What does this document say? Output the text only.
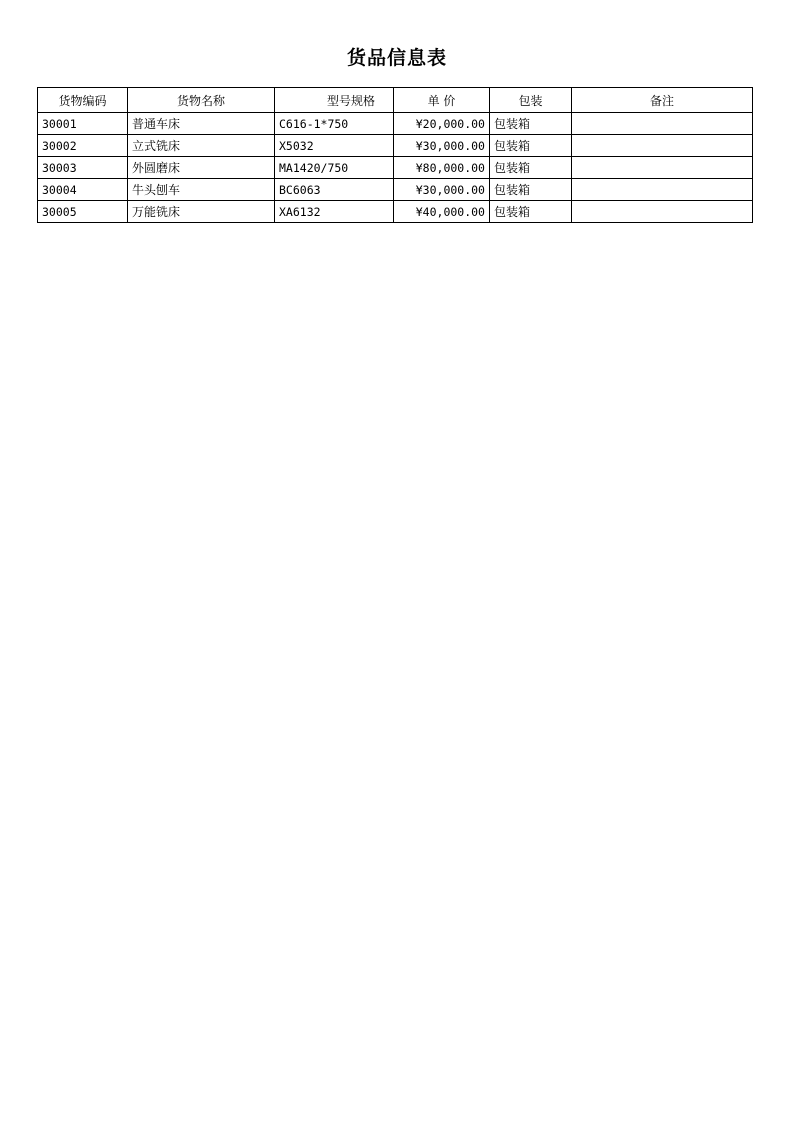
货品信息表
货物编码	货物名称	型号规格	单 价	包装	备注
30001	普通车床	C616-1*750	¥20,000.00	包装箱	
30002	立式铣床	X5032	¥30,000.00	包装箱	
30003	外圆磨床	MA1420/750	¥80,000.00	包装箱	
30004	牛头刨车	BC6063	¥30,000.00	包装箱	
30005	万能铣床	XA6132	¥40,000.00	包装箱	
